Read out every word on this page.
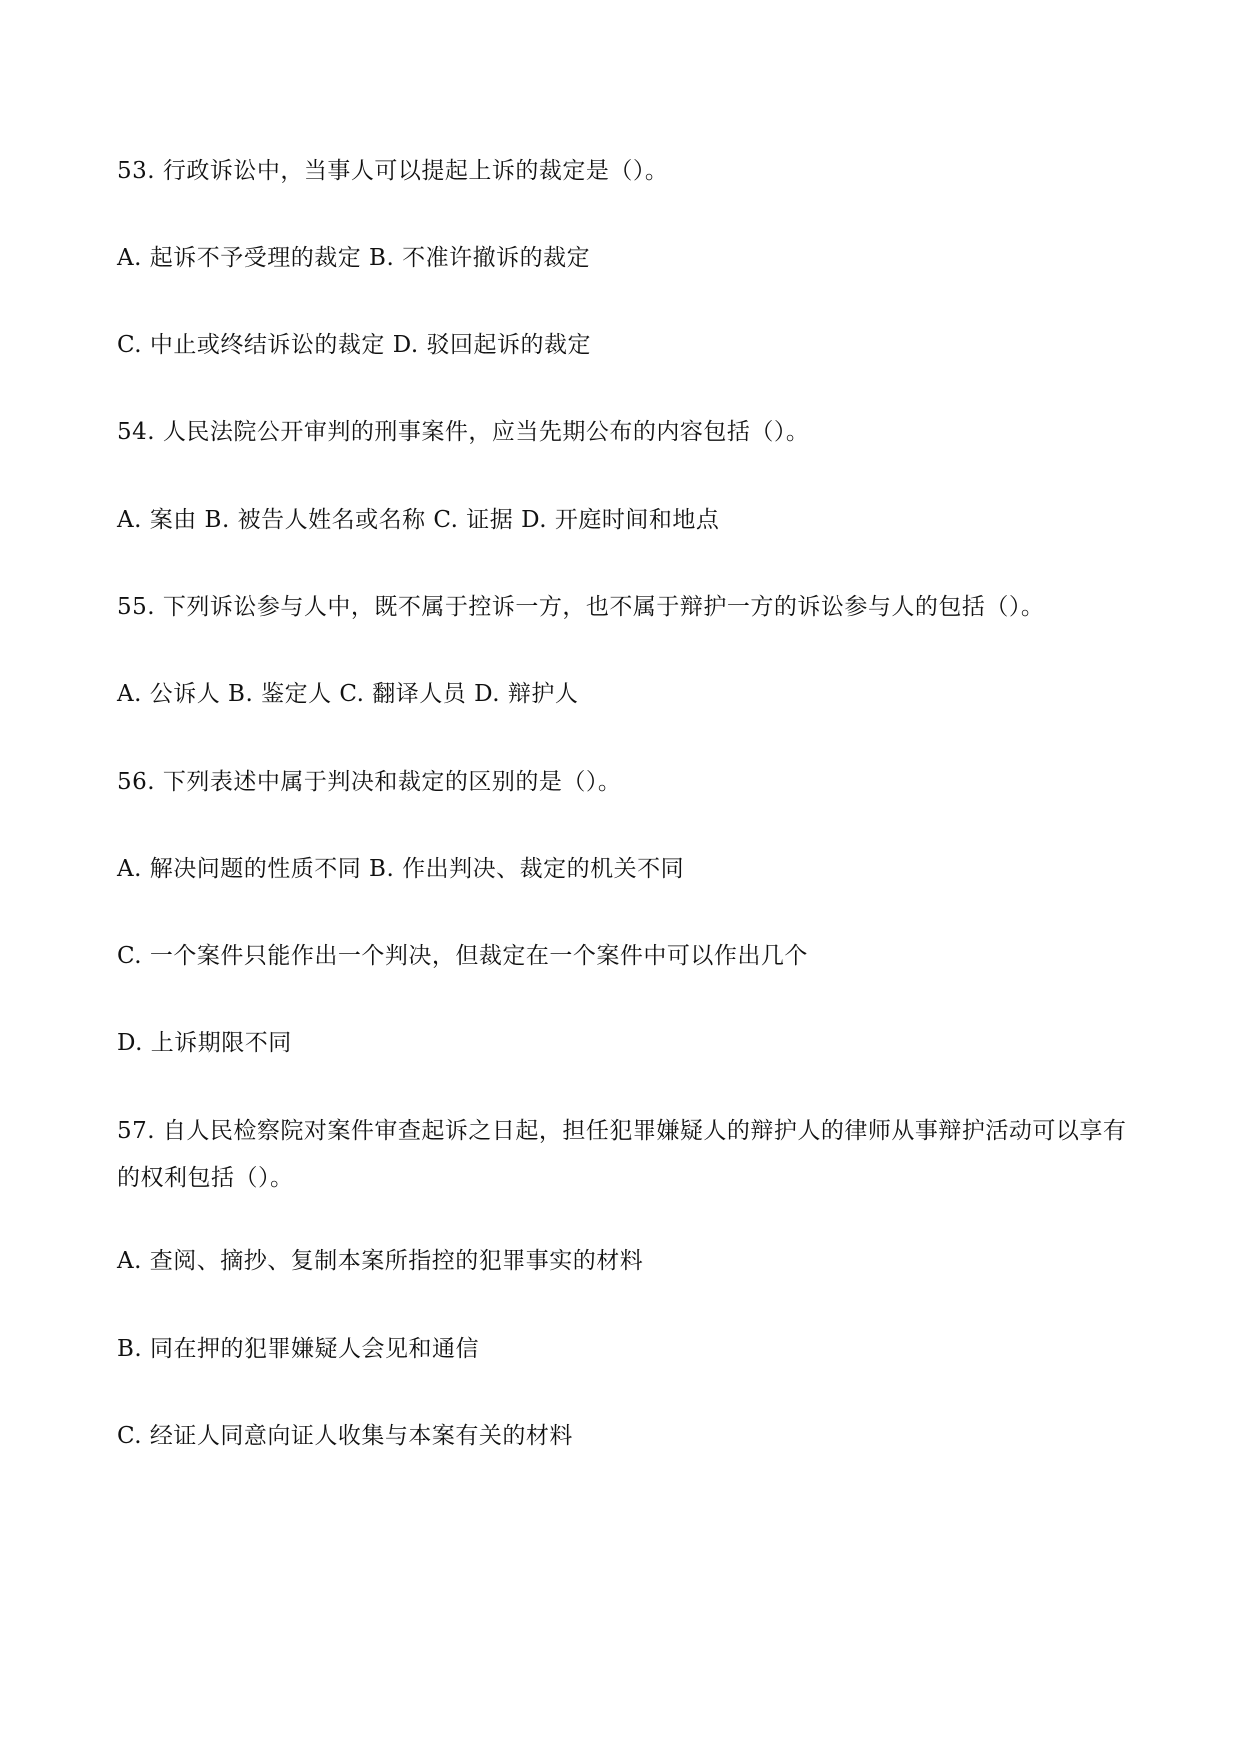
53. 行政诉讼中，当事人可以提起上诉的裁定是（）。
A. 起诉不予受理的裁定 B. 不准许撤诉的裁定
C. 中止或终结诉讼的裁定 D. 驳回起诉的裁定
54. 人民法院公开审判的刑事案件，应当先期公布的内容包括（）。
A. 案由 B. 被告人姓名或名称 C. 证据 D. 开庭时间和地点
55. 下列诉讼参与人中，既不属于控诉一方，也不属于辩护一方的诉讼参与人的包括（）。
A. 公诉人 B. 鉴定人 C. 翻译人员 D. 辩护人
56. 下列表述中属于判决和裁定的区别的是（）。
A. 解决问题的性质不同 B. 作出判决、裁定的机关不同
C. 一个案件只能作出一个判决，但裁定在一个案件中可以作出几个
D. 上诉期限不同
57. 自人民检察院对案件审查起诉之日起，担任犯罪嫌疑人的辩护人的律师从事辩护活动可以享有的权利包括（）。
A. 查阅、摘抄、复制本案所指控的犯罪事实的材料
B. 同在押的犯罪嫌疑人会见和通信
C. 经证人同意向证人收集与本案有关的材料
